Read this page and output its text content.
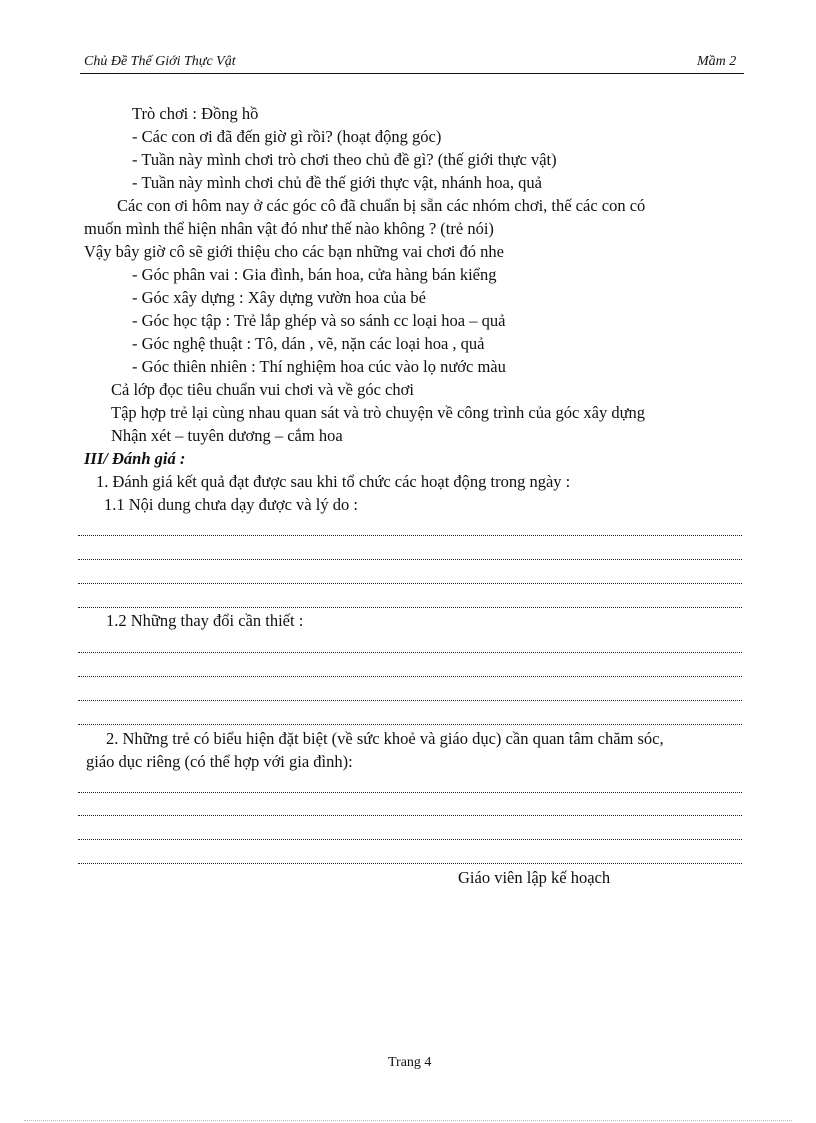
Chủ Đề Thế Giới Thực Vật	Mầm 2
Trò chơi : Đồng hồ
- Các con ơi đã đến giờ gì rồi? (hoạt động góc)
- Tuần này mình chơi trò chơi theo chủ đề gì? (thế giới thực vật)
- Tuần này mình chơi chủ đề thế giới thực vật, nhánh hoa, quả
Các con ơi hôm nay ở các góc cô đã chuẩn bị sẵn các nhóm chơi, thế các con có
muốn mình thể hiện nhân vật đó như thế nào không ? (trẻ nói)
Vậy bây giờ cô sẽ giới thiệu cho các bạn những vai chơi đó nhe
- Góc phân vai : Gia đình, bán hoa, cửa hàng bán kiểng
- Góc xây dựng : Xây dựng vườn hoa của bé
- Góc học tập : Trẻ lắp ghép và so sánh cc loại hoa – quả
- Góc nghệ thuật : Tô, dán , vẽ, nặn các loại hoa , quả
- Góc thiên nhiên : Thí nghiệm hoa cúc vào lọ nước màu
Cả lớp đọc tiêu chuẩn vui chơi và về góc chơi
Tập hợp trẻ lại cùng nhau quan sát và trò chuyện về công trình của góc xây dựng
Nhận xét – tuyên dương – cắm hoa
III/ Đánh giá :
1. Đánh giá kết quả đạt được sau khi tổ chức các hoạt động trong ngày :
1.1 Nội dung chưa dạy được và lý do :
1.2 Những thay đổi cần thiết :
2. Những trẻ có biểu hiện đặt biệt (về sức khoẻ và giáo dục) cần quan tâm chăm sóc,
giáo dục riêng (có thể hợp với gia đình):
Giáo viên lập kế hoạch
Trang 4
